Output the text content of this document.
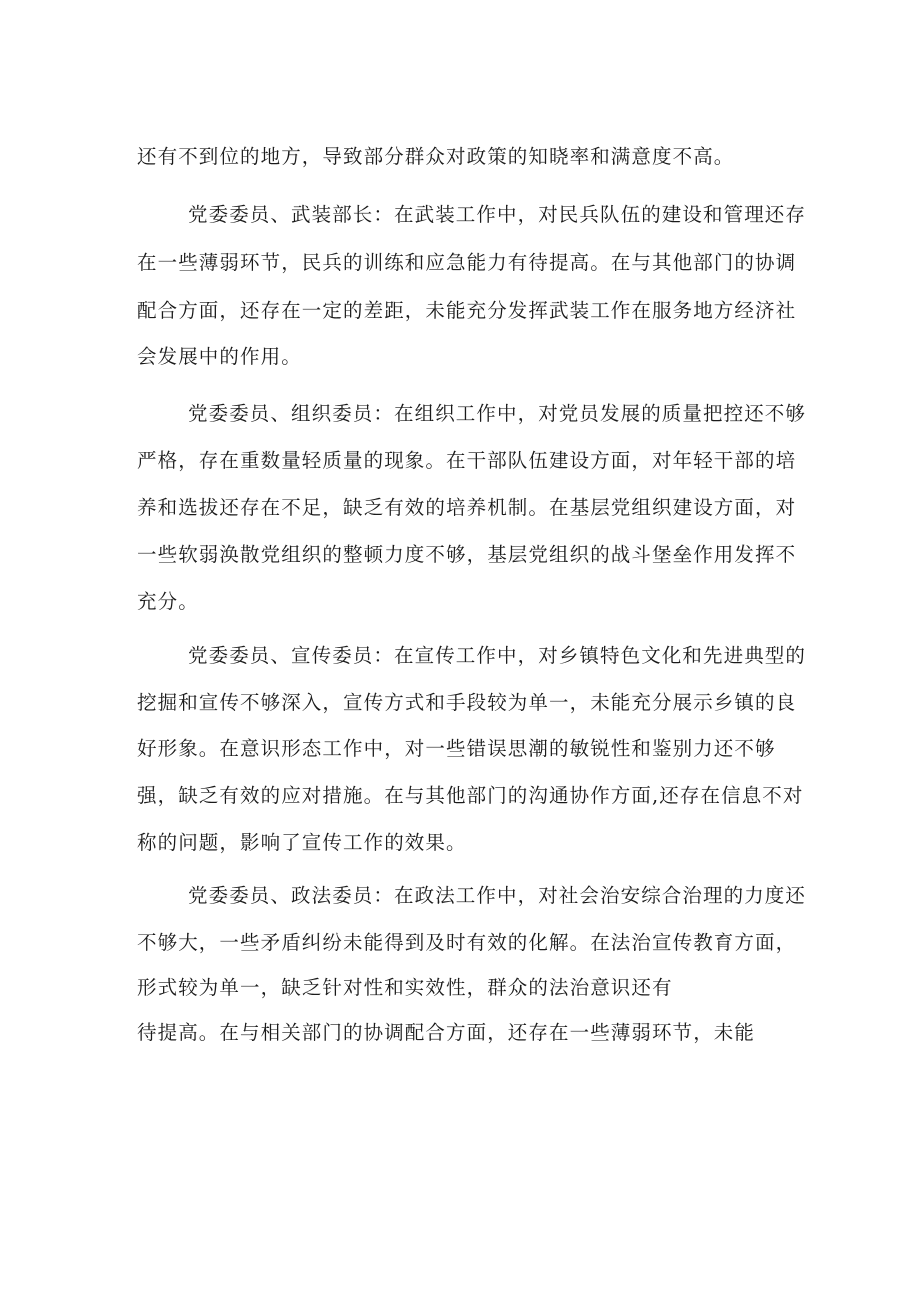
还有不到位的地方，导致部分群众对政策的知晓率和满意度不高。
党委委员、武装部长：在武装工作中，对民兵队伍的建设和管理还存
在一些薄弱环节，民兵的训练和应急能力有待提高。在与其他部门的协调
配合方面，还存在一定的差距，未能充分发挥武装工作在服务地方经济社
会发展中的作用。
党委委员、组织委员：在组织工作中，对党员发展的质量把控还不够
严格，存在重数量轻质量的现象。在干部队伍建设方面，对年轻干部的培
养和选拔还存在不足，缺乏有效的培养机制。在基层党组织建设方面，对
一些软弱涣散党组织的整顿力度不够，基层党组织的战斗堡垒作用发挥不
充分。
党委委员、宣传委员：在宣传工作中，对乡镇特色文化和先进典型的
挖掘和宣传不够深入，宣传方式和手段较为单一，未能充分展示乡镇的良
好形象。在意识形态工作中，对一些错误思潮的敏锐性和鉴别力还不够
强，缺乏有效的应对措施。在与其他部门的沟通协作方面,还存在信息不对
称的问题，影响了宣传工作的效果。
党委委员、政法委员：在政法工作中，对社会治安综合治理的力度还
不够大，一些矛盾纠纷未能得到及时有效的化解。在法治宣传教育方面，
形式较为单一，缺乏针对性和实效性，群众的法治意识还有
待提高。在与相关部门的协调配合方面，还存在一些薄弱环节，未能
